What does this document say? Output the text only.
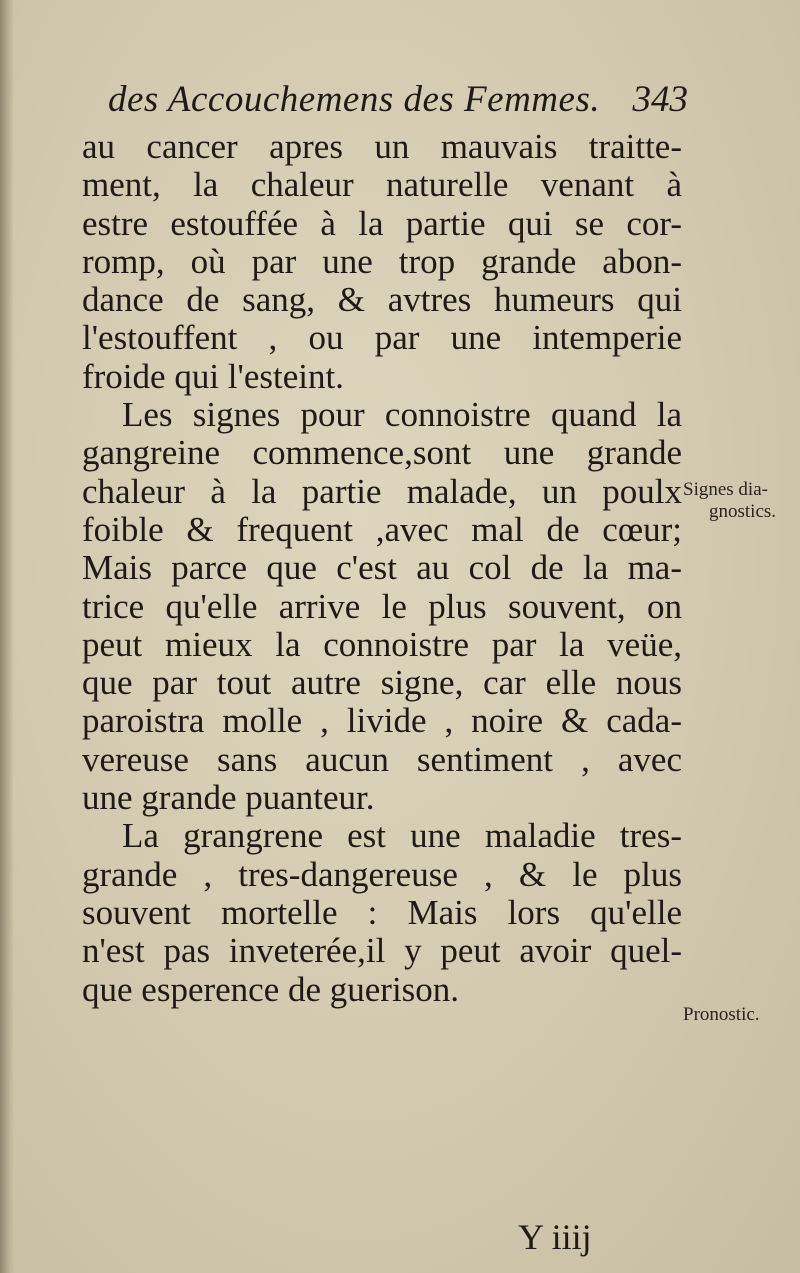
des Accouchemens des Femmes. 343
au cancer apres un mauvais traitte-
ment, la chaleur naturelle venant à
estre estouffée à la partie qui se cor-
romp, où par une trop grande abon-
dance de sang, & avtres humeurs qui
l'estouffent , ou par une intemperie
froide qui l'esteint.
Les signes pour connoistre quand la
gangreine commence,sont une grande
chaleur à la partie malade, un poulx
foible & frequent ,avec mal de cœur;
Mais parce que c'est au col de la ma-
trice qu'elle arrive le plus souvent, on
peut mieux la connoistre par la veüe,
que par tout autre signe, car elle nous
paroistra molle , livide , noire & cada-
vereuse sans aucun sentiment , avec
une grande puanteur.
La grangrene est une maladie tres-
grande , tres-dangereuse , & le plus
souvent mortelle : Mais lors qu'elle
n'est pas inveterée,il y peut avoir quel-
que esperence de guerison.
Signes dia-
gnostics.
Pronostic.
Y iiij
